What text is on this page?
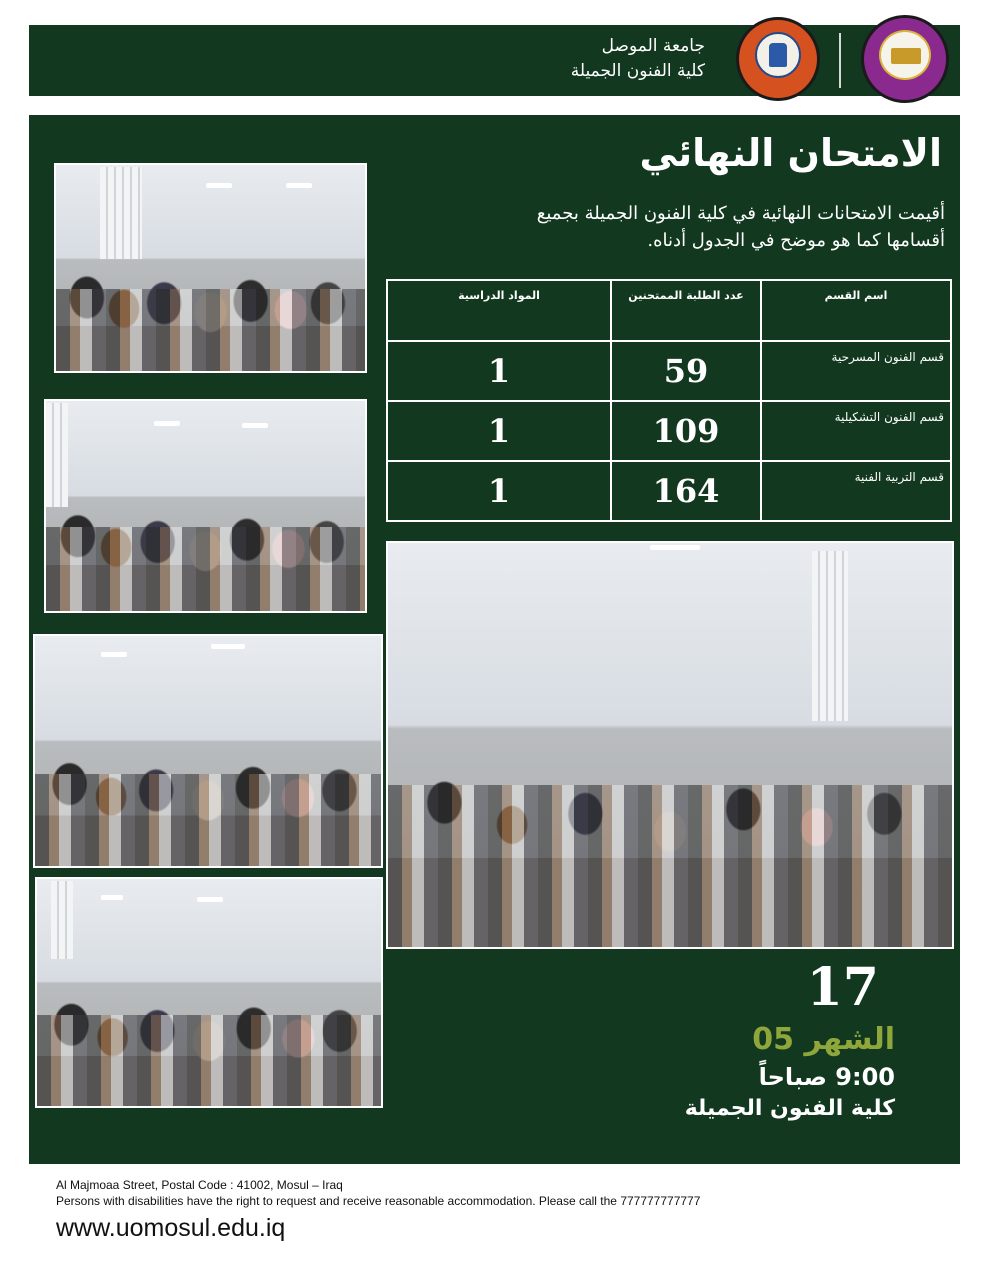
جامعة الموصل
كلية الفنون الجميلة
الامتحان النهائي
أقيمت الامتحانات النهائية في كلية الفنون الجميلة بجميع أقسامها كما هو موضح في الجدول أدناه.
اسم القسم	عدد الطلبة الممتحنين	المواد الدراسية
قسم الفنون المسرحية	59	1
قسم الفنون التشكيلية	109	1
قسم التربية الفنية	164	1
17
الشهر 05
9:00 صباحاً
كلية الفنون الجميلة
Al Majmoaa Street, Postal Code : 41002, Mosul – Iraq
Persons with disabilities have the right to request and receive reasonable accommodation. Please call the 777777777777
www.uomosul.edu.iq
